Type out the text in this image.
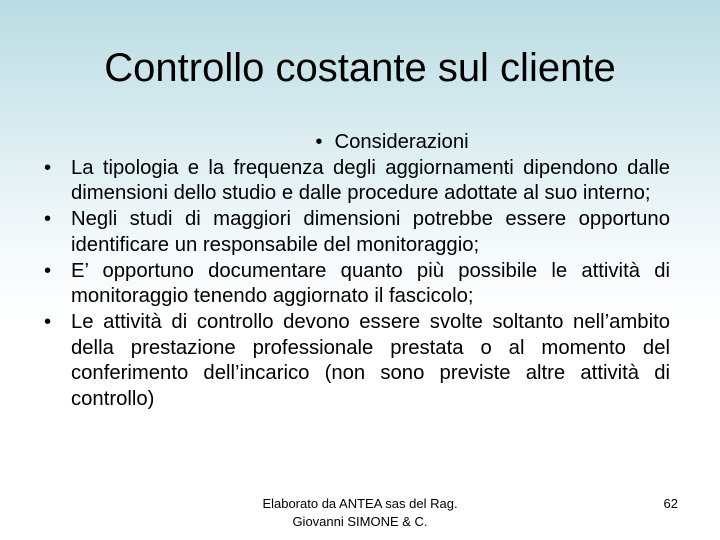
Controllo costante sul cliente
• Considerazioni
• La tipologia e la frequenza degli aggiornamenti dipendono dalle dimensioni dello studio e dalle procedure adottate al suo interno;
• Negli studi di maggiori dimensioni potrebbe essere opportuno identificare un responsabile del monitoraggio;
• E’ opportuno documentare quanto più possibile le attività di monitoraggio tenendo aggiornato il fascicolo;
• Le attività di controllo devono essere svolte soltanto nell’ambito della prestazione professionale prestata o al momento del conferimento dell’incarico (non sono previste altre attività di controllo)
Elaborato da ANTEA sas del Rag.
Giovanni SIMONE & C.
62
